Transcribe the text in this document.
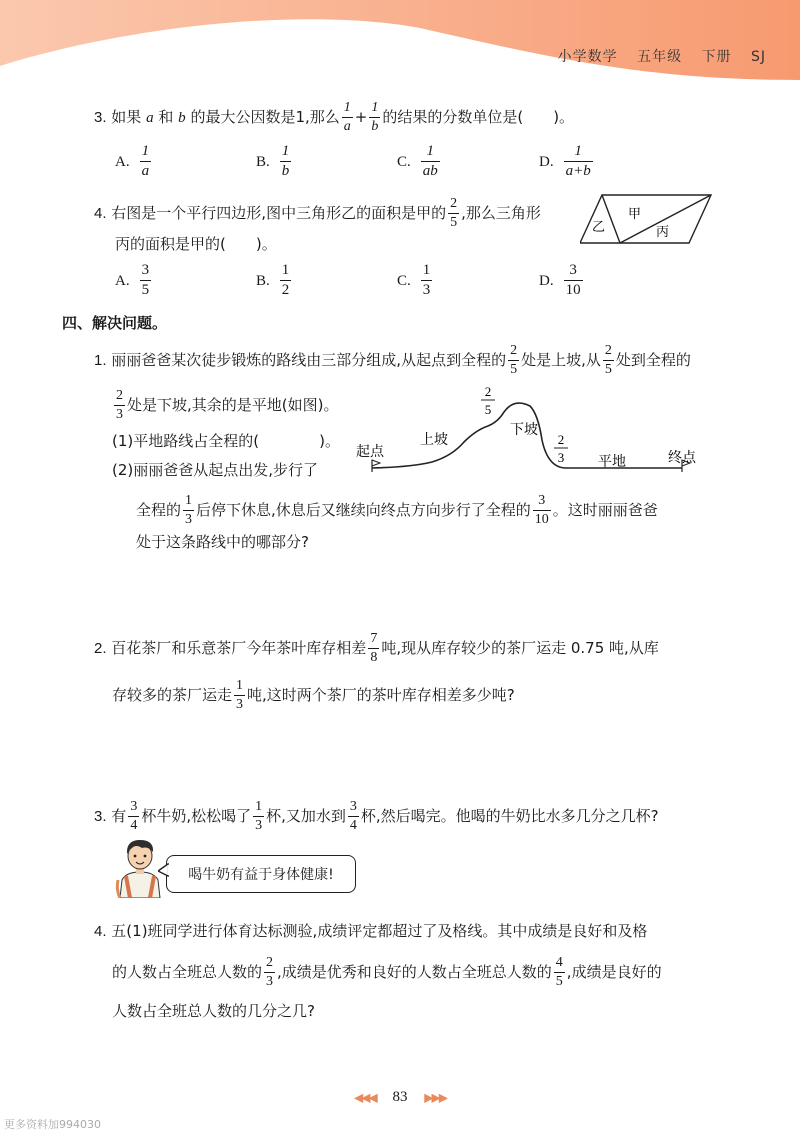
小学数学 五年级 下册 SJ
3. 如果 a 和 b 的最大公因数是1,那么 $\frac{1}{a} + \frac{1}{b}$ 的结果的分数单位是(　　)。
A. $\frac{1}{a}$	B. $\frac{1}{b}$	C. $\frac{1}{ab}$	D. $\frac{1}{a+b}$
4. 右图是一个平行四边形,图中三角形乙的面积是甲的 $\frac{2}{5}$ ,那么三角形
丙的面积是甲的(　　)。
甲
乙	丙
A. $\frac{3}{5}$	B. $\frac{1}{2}$	C. $\frac{1}{3}$	D. $\frac{3}{10}$
四、解决问题。
1. 丽丽爸爸某次徒步锻炼的路线由三部分组成,从起点到全程的 $\frac{2}{5}$ 处是上坡,从 $\frac{2}{5}$ 处到全程的
$\frac{2}{3}$ 处是下坡,其余的是平地(如图)。
(1)平地路线占全程的(　　　　)。
(2)丽丽爸爸从起点出发,步行了
起点
上坡
下坡
平地	终点
2
5
2
3
全程的 $\frac{1}{3}$ 后停下休息,休息后又继续向终点方向步行了全程的 $\frac{3}{10}$ 。这时丽丽爸爸
处于这条路线中的哪部分?
2. 百花茶厂和乐意茶厂今年茶叶库存相差 $\frac{7}{8}$ 吨,现从库存较少的茶厂运走 0.75 吨,从库
存较多的茶厂运走 $\frac{1}{3}$ 吨,这时两个茶厂的茶叶库存相差多少吨?
3. 有 $\frac{3}{4}$ 杯牛奶,松松喝了 $\frac{1}{3}$ 杯,又加水到 $\frac{3}{4}$ 杯,然后喝完。他喝的牛奶比水多几分之几杯?
喝牛奶有益于身体健康!
4. 五(1)班同学进行体育达标测验,成绩评定都超过了及格线。其中成绩是良好和及格
的人数占全班总人数的 $\frac{2}{3}$ ,成绩是优秀和良好的人数占全班总人数的 $\frac{4}{5}$ ,成绩是良好的
人数占全班总人数的几分之几?
◀◀◀ 83 ▶▶▶
更多资料加994030
